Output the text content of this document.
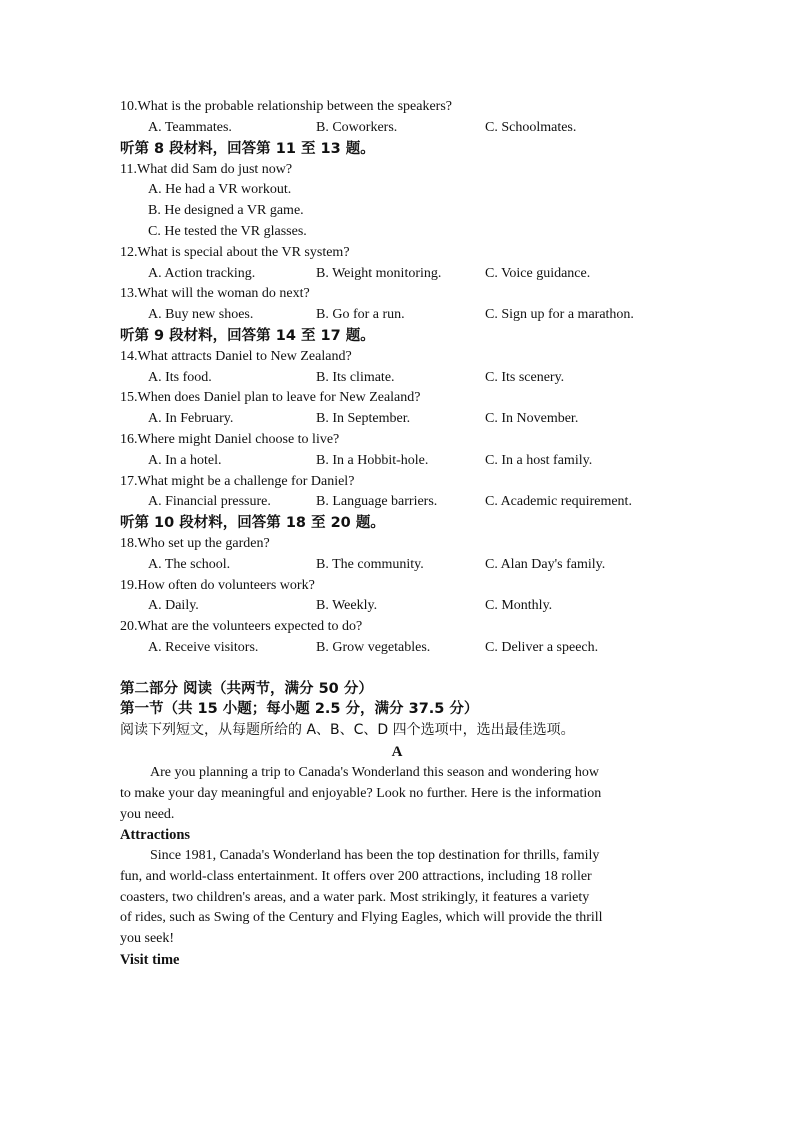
10.What is the probable relationship between the speakers?
A. Teammates.	B. Coworkers.	C. Schoolmates.
听第 8 段材料，回答第 11 至 13 题。
11.What did Sam do just now?
A. He had a VR workout.
B. He designed a VR game.
C. He tested the VR glasses.
12.What is special about the VR system?
A. Action tracking.	B. Weight monitoring.	C. Voice guidance.
13.What will the woman do next?
A. Buy new shoes.	B. Go for a run.	C. Sign up for a marathon.
听第 9 段材料，回答第 14 至 17 题。
14.What attracts Daniel to New Zealand?
A. Its food.	B. Its climate.	C. Its scenery.
15.When does Daniel plan to leave for New Zealand?
A. In February.	B. In September.	C. In November.
16.Where might Daniel choose to live?
A. In a hotel.	B. In a Hobbit-hole.	C. In a host family.
17.What might be a challenge for Daniel?
A. Financial pressure.	B. Language barriers.	C. Academic requirement.
听第 10 段材料，回答第 18 至 20 题。
18.Who set up the garden?
A. The school.	B. The community.	C. Alan Day's family.
19.How often do volunteers work?
A. Daily.	B. Weekly.	C. Monthly.
20.What are the volunteers expected to do?
A. Receive visitors.	B. Grow vegetables.	C. Deliver a speech.
第二部分 阅读（共两节，满分 50 分）
第一节（共 15 小题；每小题 2.5 分，满分 37.5 分）
阅读下列短文，从每题所给的 A、B、C、D 四个选项中，选出最佳选项。
A
Are you planning a trip to Canada's Wonderland this season and wondering how
to make your day meaningful and enjoyable? Look no further. Here is the information
you need.
Attractions
Since 1981, Canada's Wonderland has been the top destination for thrills, family
fun, and world-class entertainment. It offers over 200 attractions, including 18 roller
coasters, two children's areas, and a water park. Most strikingly, it features a variety
of rides, such as Swing of the Century and Flying Eagles, which will provide the thrill
you seek!
Visit time
